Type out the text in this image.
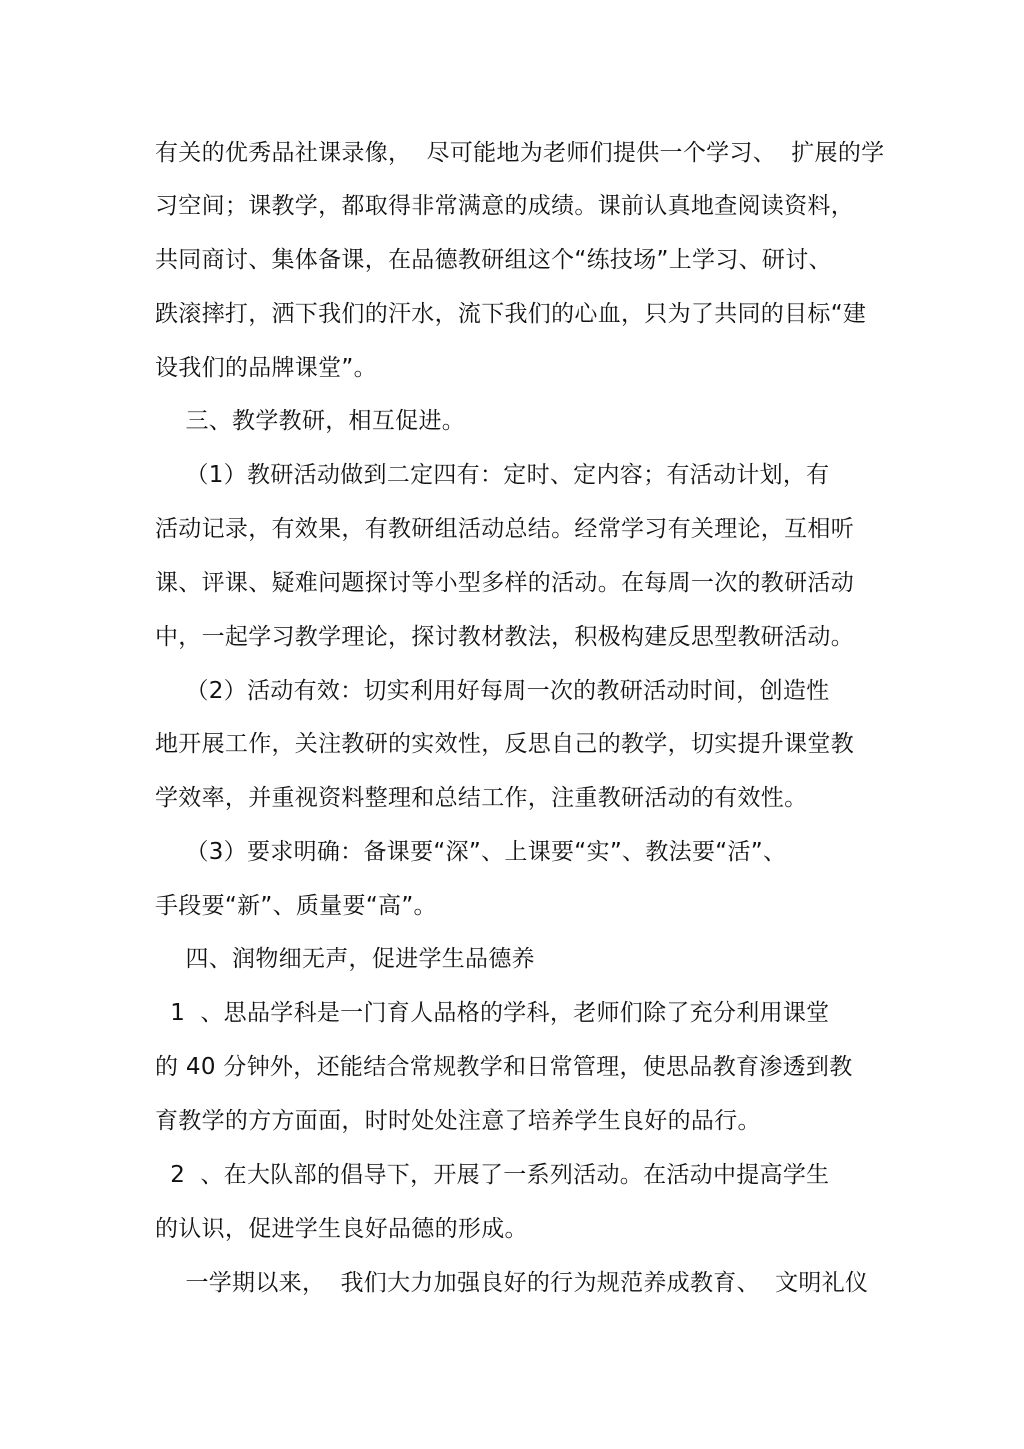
有关的优秀品社课录像，  尽可能地为老师们提供一个学习、  扩展的学
习空间；课教学，都取得非常满意的成绩。课前认真地查阅读资料，
共同商讨、集体备课，在品德教研组这个“练技场”上学习、研讨、
跌滚摔打，洒下我们的汗水，流下我们的心血，只为了共同的目标“建
设我们的品牌课堂”。
三、教学教研，相互促进。
（1）教研活动做到二定四有：定时、定内容；有活动计划，有
活动记录，有效果，有教研组活动总结。经常学习有关理论，互相听
课、评课、疑难问题探讨等小型多样的活动。在每周一次的教研活动
中，一起学习教学理论，探讨教材教法，积极构建反思型教研活动。
（2）活动有效：切实利用好每周一次的教研活动时间，创造性
地开展工作，关注教研的实效性，反思自己的教学，切实提升课堂教
学效率，并重视资料整理和总结工作，注重教研活动的有效性。
（3）要求明确：备课要“深”、上课要“实”、教法要“活”、
手段要“新”、质量要“高”。
四、润物细无声，促进学生品德养
1  、思品学科是一门育人品格的学科，老师们除了充分利用课堂
的 40 分钟外，还能结合常规教学和日常管理，使思品教育渗透到教
育教学的方方面面，时时处处注意了培养学生良好的品行。
2  、在大队部的倡导下，开展了一系列活动。在活动中提高学生
的认识，促进学生良好品德的形成。
一学期以来，  我们大力加强良好的行为规范养成教育、  文明礼仪
